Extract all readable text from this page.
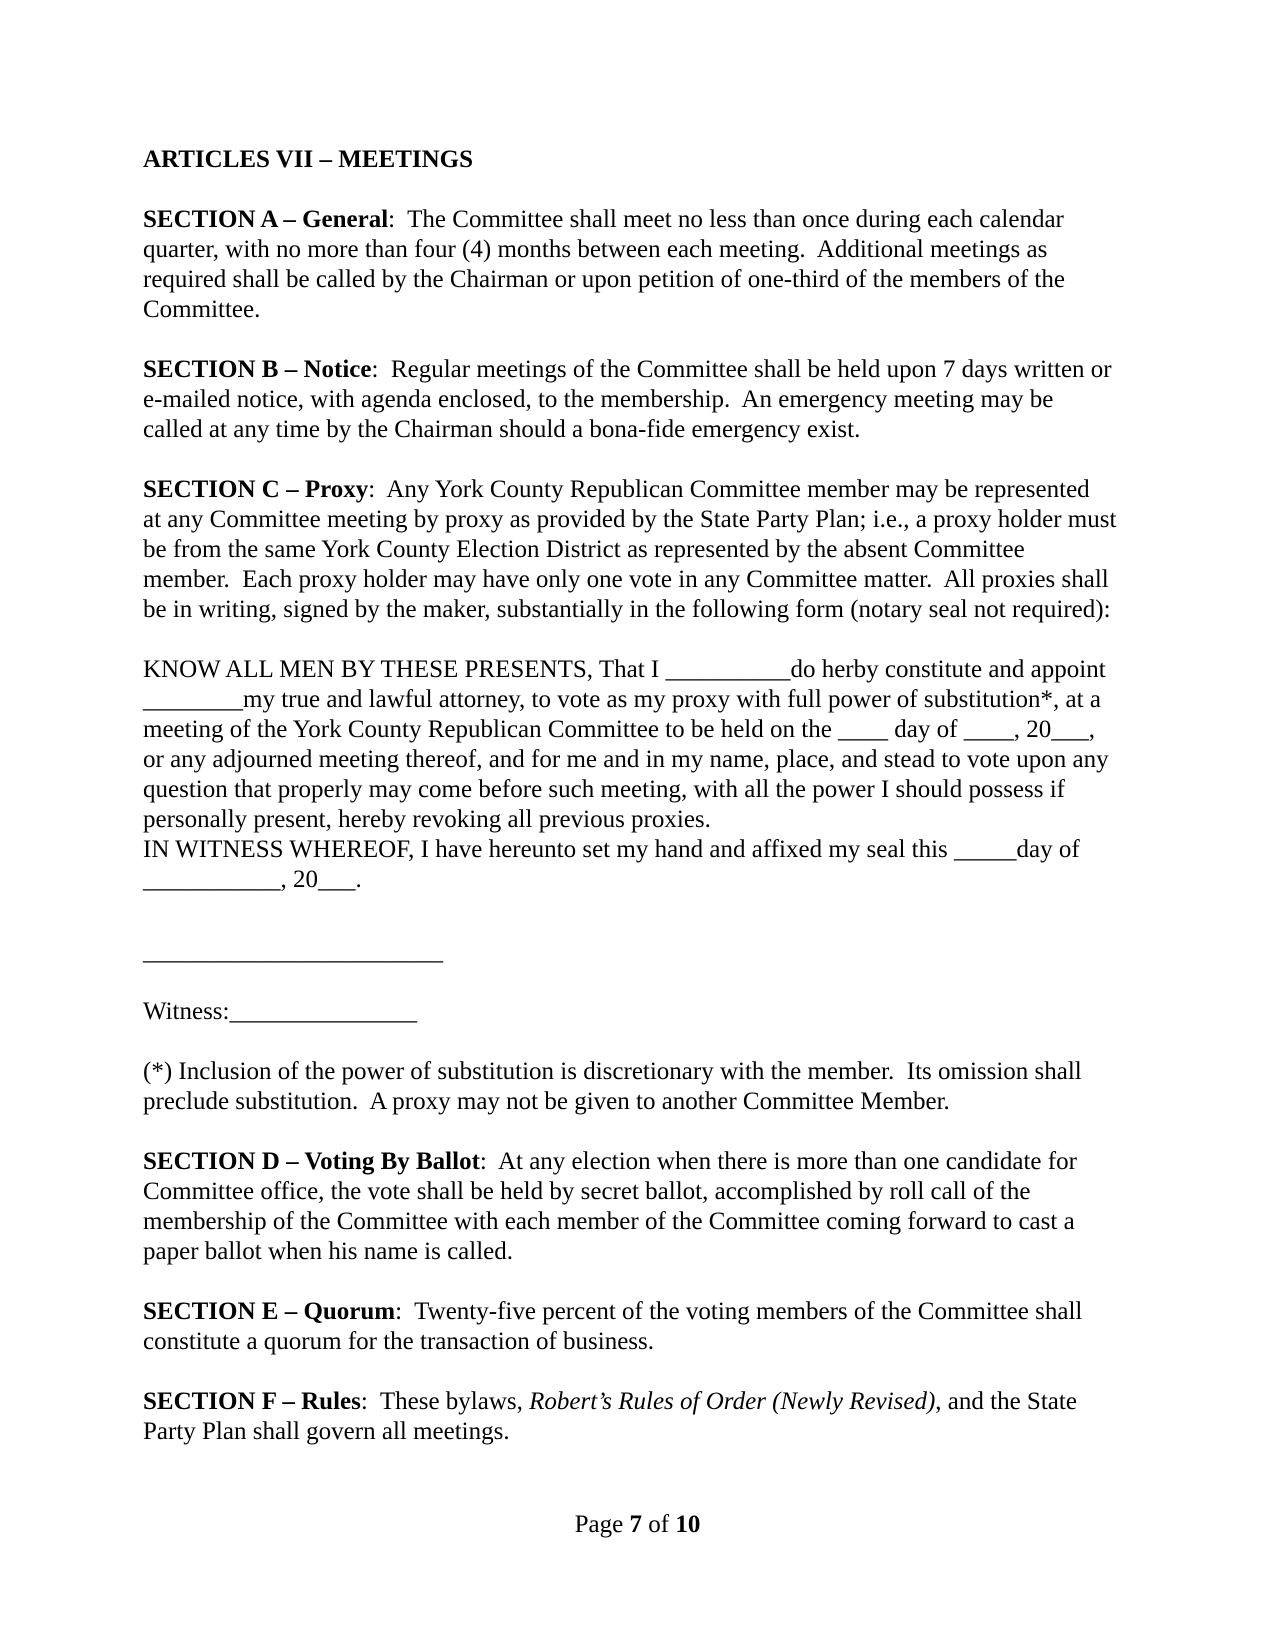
ARTICLES VII – MEETINGS
SECTION A – General:  The Committee shall meet no less than once during each calendar
quarter, with no more than four (4) months between each meeting.  Additional meetings as
required shall be called by the Chairman or upon petition of one-third of the members of the
Committee.
SECTION B – Notice:  Regular meetings of the Committee shall be held upon 7 days written or
e-mailed notice, with agenda enclosed, to the membership.  An emergency meeting may be
called at any time by the Chairman should a bona-fide emergency exist.
SECTION C – Proxy:  Any York County Republican Committee member may be represented
at any Committee meeting by proxy as provided by the State Party Plan; i.e., a proxy holder must
be from the same York County Election District as represented by the absent Committee
member.  Each proxy holder may have only one vote in any Committee matter.  All proxies shall
be in writing, signed by the maker, substantially in the following form (notary seal not required):
KNOW ALL MEN BY THESE PRESENTS, That I __________do herby constitute and appoint
________my true and lawful attorney, to vote as my proxy with full power of substitution*, at a
meeting of the York County Republican Committee to be held on the ____ day of ____, 20___,
or any adjourned meeting thereof, and for me and in my name, place, and stead to vote upon any
question that properly may come before such meeting, with all the power I should possess if
personally present, hereby revoking all previous proxies.
IN WITNESS WHEREOF, I have hereunto set my hand and affixed my seal this _____day of
___________, 20___.
________________________
Witness:_______________
(*) Inclusion of the power of substitution is discretionary with the member.  Its omission shall
preclude substitution.  A proxy may not be given to another Committee Member.
SECTION D – Voting By Ballot:  At any election when there is more than one candidate for
Committee office, the vote shall be held by secret ballot, accomplished by roll call of the
membership of the Committee with each member of the Committee coming forward to cast a
paper ballot when his name is called.
SECTION E – Quorum:  Twenty-five percent of the voting members of the Committee shall
constitute a quorum for the transaction of business.
SECTION F – Rules:  These bylaws, Robert’s Rules of Order (Newly Revised), and the State
Party Plan shall govern all meetings.
Page 7 of 10
